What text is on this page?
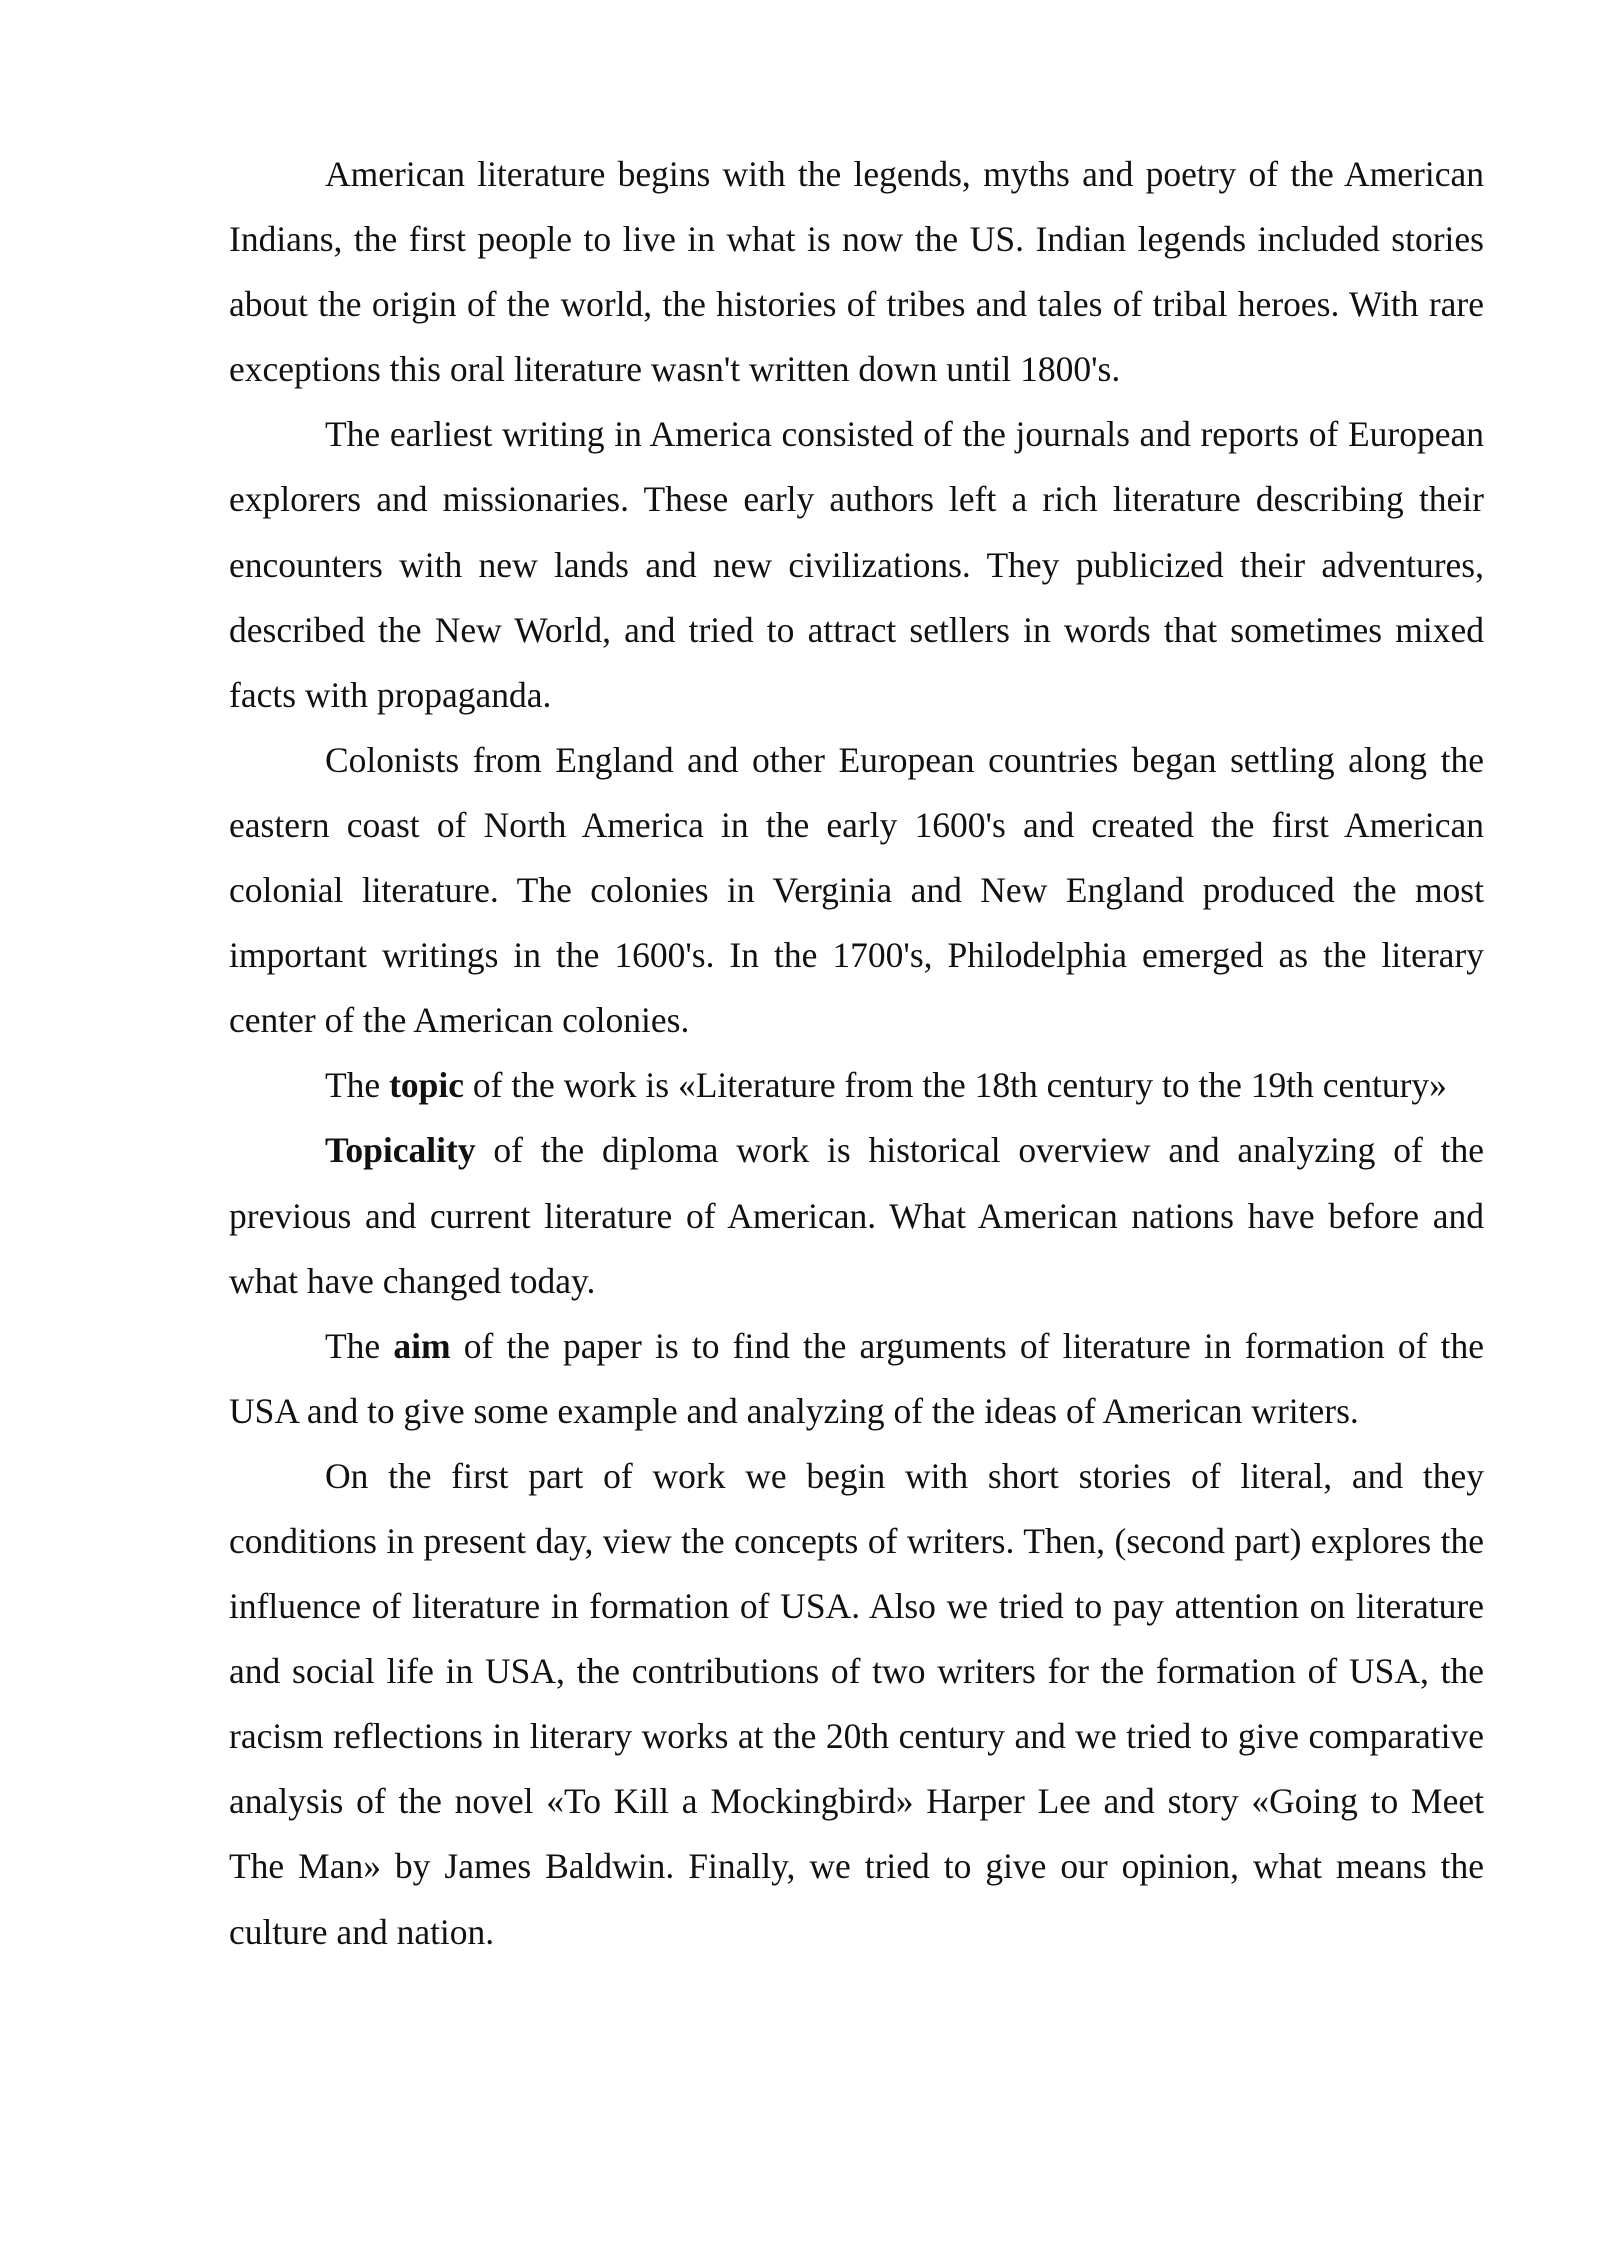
American literature begins with the legends, myths and poetry of the American Indians, the first people to live in what is now the US. Indian legends included stories about the origin of the world, the histories of tribes and tales of tribal heroes. With rare exceptions this oral literature wasn't written down until 1800's.

The earliest writing in America consisted of the journals and reports of European explorers and missionaries. These early authors left a rich literature describing their encounters with new lands and new civilizations. They publicized their adventures, described the New World, and tried to attract setllers in words that sometimes mixed facts with propaganda.

Colonists from England and other European countries began settling along the eastern coast of North America in the early 1600's and created the first American colonial literature. The colonies in Verginia and New England produced the most important writings in the 1600's. In the 1700's, Philodelphia emerged as the literary center of the American colonies.

The topic of the work is «Literature from the 18th century to the 19th century»

Topicality of the diploma work is historical overview and analyzing of the previous and current literature of American. What American nations have before and what have changed today.

The aim of the paper is to find the arguments of literature in formation of the USA and to give some example and analyzing of the ideas of American writers.

On the first part of work we begin with short stories of literal, and they conditions in present day, view the concepts of writers. Then, (second part) explores the influence of literature in formation of USA. Also we tried to pay attention on literature and social life in USA, the contributions of two writers for the formation of USA, the racism reflections in literary works at the 20th century and we tried to give comparative analysis of the novel «To Kill a Mockingbird» Harper Lee and story «Going to Meet The Man» by James Baldwin. Finally, we tried to give our opinion, what means the culture and nation.
